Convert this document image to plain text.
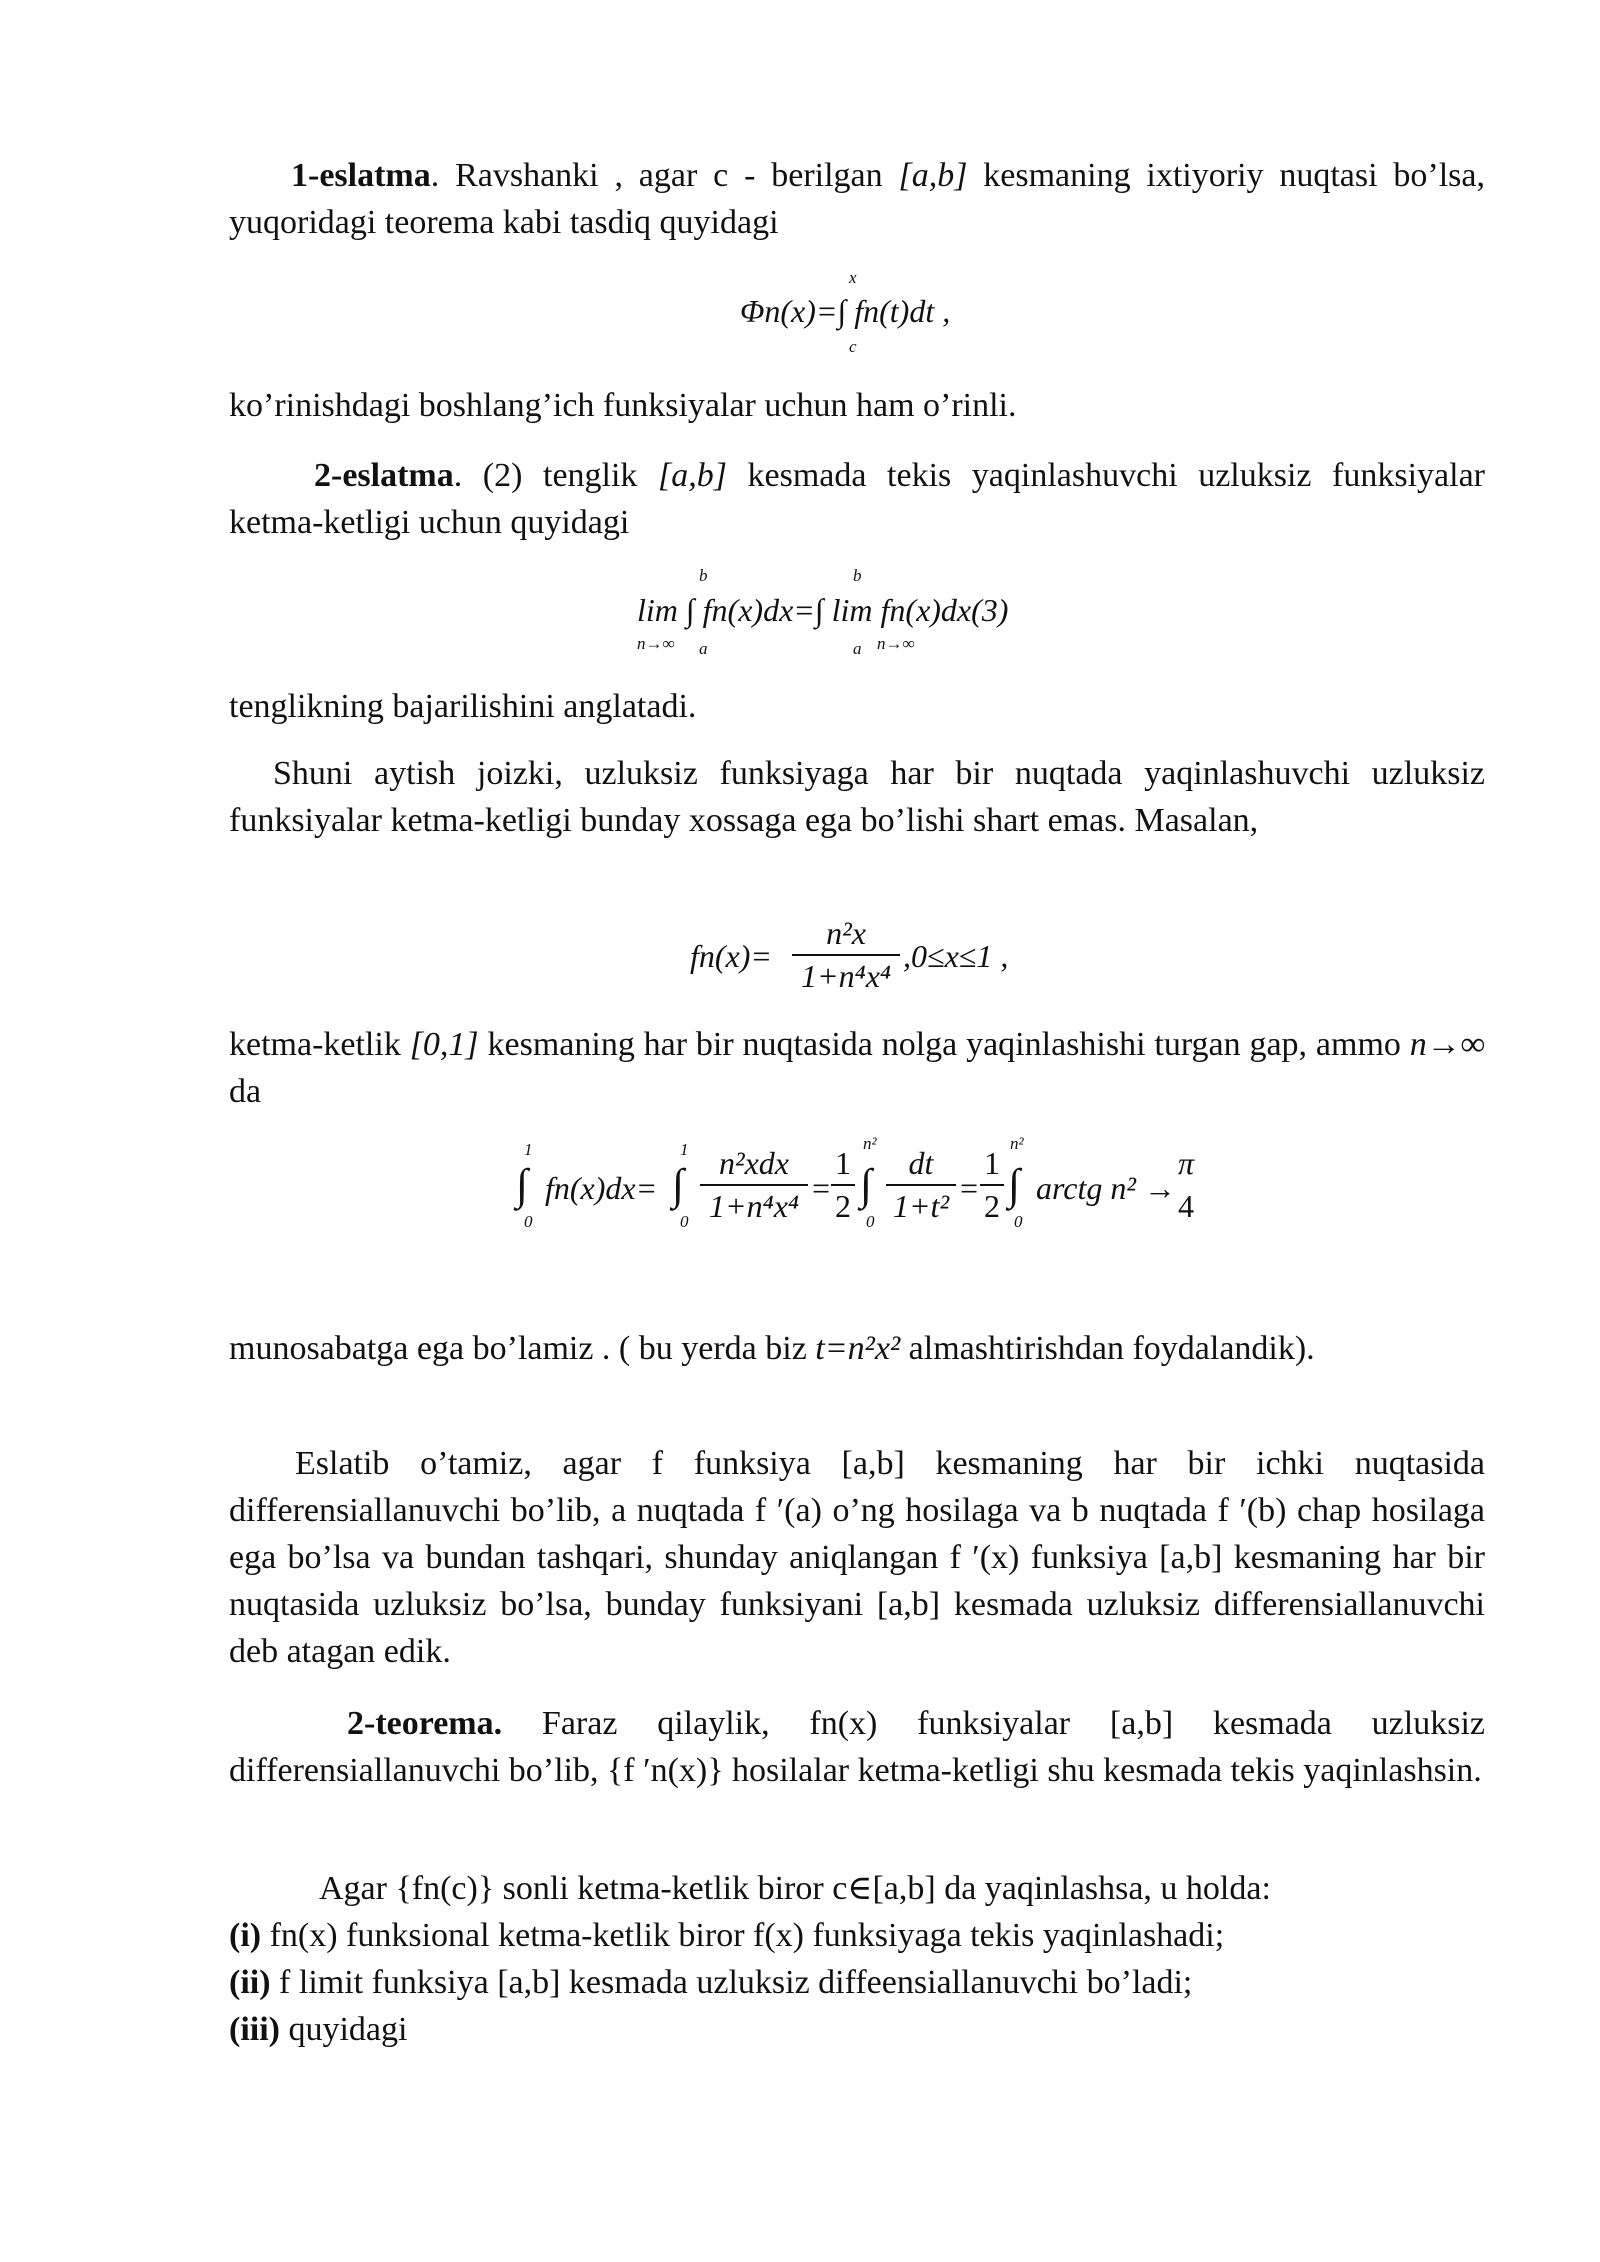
1-eslatma. Ravshanki , agar c - berilgan [a,b] kesmaning ixtiyoriy nuqtasi bo’lsa, yuqoridagi teorema kabi tasdiq quyidagi
x
Φn(x)=∫ fn(t)dt ,
c
ko’rinishdagi boshlang’ich funksiyalar uchun ham o’rinli.
2-eslatma. (2) tenglik [a,b] kesmada tekis yaqinlashuvchi uzluksiz funksiyalar ketma-ketligi uchun quyidagi
b	b
lim ∫ fn(x)dx=∫ lim fn(x)dx(3)
n→∞ a	a n→∞
tenglikning bajarilishini anglatadi.
Shuni aytish joizki, uzluksiz funksiyaga har bir nuqtada yaqinlashuvchi uzluksiz funksiyalar ketma-ketligi bunday xossaga ega bo’lishi shart emas. Masalan,
fn(x)=
n²x
1+n⁴x⁴
,0≤x≤1 ,
ketma-ketlik [0,1] kesmaning har bir nuqtasida nolga yaqinlashishi turgan gap, ammo n→∞ da
1
∫
0
fn(x)dx=
1
∫
0
n²xdx
1+n⁴x⁴ =
1
2
n²
∫
0
dt
1+t² =
1
2
n²
∫
0
arctg n² →
π
4
munosabatga ega bo’lamiz . ( bu yerda biz t=n²x² almashtirishdan foydalandik).
Eslatib o’tamiz, agar f funksiya [a,b] kesmaning har bir ichki nuqtasida differensiallanuvchi bo’lib, a nuqtada f ′(a) o’ng hosilaga va b nuqtada f ′(b) chap hosilaga ega bo’lsa va bundan tashqari, shunday aniqlangan f ′(x) funksiya [a,b] kesmaning har bir nuqtasida uzluksiz bo’lsa, bunday funksiyani [a,b] kesmada uzluksiz differensiallanuvchi deb atagan edik.
2-teorema. Faraz qilaylik, fn(x) funksiyalar [a,b] kesmada uzluksiz differensiallanuvchi bo’lib, {f ′n(x)} hosilalar ketma-ketligi shu kesmada tekis yaqinlashsin.
Agar {fn(c)} sonli ketma-ketlik biror c∈[a,b] da yaqinlashsa, u holda:
(i) fn(x) funksional ketma-ketlik biror f(x) funksiyaga tekis yaqinlashadi;
(ii) f limit funksiya [a,b] kesmada uzluksiz diffeensiallanuvchi bo’ladi;
(iii) quyidagi
